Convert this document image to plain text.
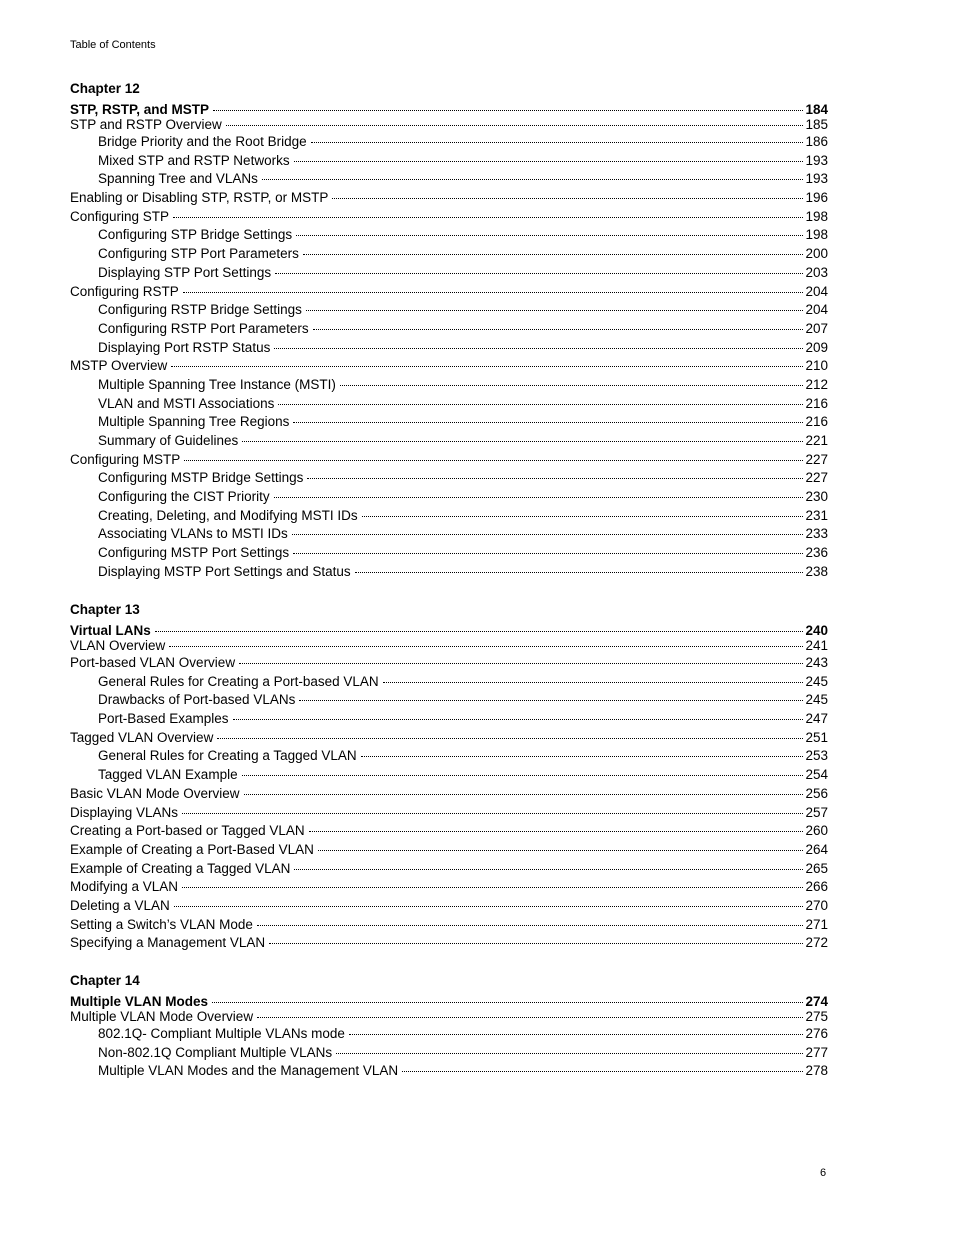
Table of Contents
Chapter 12
STP, RSTP, and MSTP	184
STP and RSTP Overview	185
Bridge Priority and the Root Bridge	186
Mixed STP and RSTP Networks	193
Spanning Tree and VLANs	193
Enabling or Disabling STP, RSTP, or MSTP	196
Configuring STP	198
Configuring STP Bridge Settings	198
Configuring STP Port Parameters	200
Displaying STP Port Settings	203
Configuring RSTP	204
Configuring RSTP Bridge Settings	204
Configuring RSTP Port Parameters	207
Displaying Port RSTP Status	209
MSTP Overview	210
Multiple Spanning Tree Instance (MSTI)	212
VLAN and MSTI Associations	216
Multiple Spanning Tree Regions	216
Summary of Guidelines	221
Configuring MSTP	227
Configuring MSTP Bridge Settings	227
Configuring the CIST Priority	230
Creating, Deleting, and Modifying MSTI IDs	231
Associating VLANs to MSTI IDs	233
Configuring MSTP Port Settings	236
Displaying MSTP Port Settings and Status	238
Chapter 13
Virtual LANs	240
VLAN Overview	241
Port-based VLAN Overview	243
General Rules for Creating a Port-based VLAN	245
Drawbacks of Port-based VLANs	245
Port-Based Examples	247
Tagged VLAN Overview	251
General Rules for Creating a Tagged VLAN	253
Tagged VLAN Example	254
Basic VLAN Mode Overview	256
Displaying VLANs	257
Creating a Port-based or Tagged VLAN	260
Example of Creating a Port-Based VLAN	264
Example of Creating a Tagged VLAN	265
Modifying a VLAN	266
Deleting a VLAN	270
Setting a Switch’s VLAN Mode	271
Specifying a Management VLAN	272
Chapter 14
Multiple VLAN Modes	274
Multiple VLAN Mode Overview	275
802.1Q- Compliant Multiple VLANs mode	276
Non-802.1Q Compliant Multiple VLANs	277
Multiple VLAN Modes and the Management VLAN	278
6
